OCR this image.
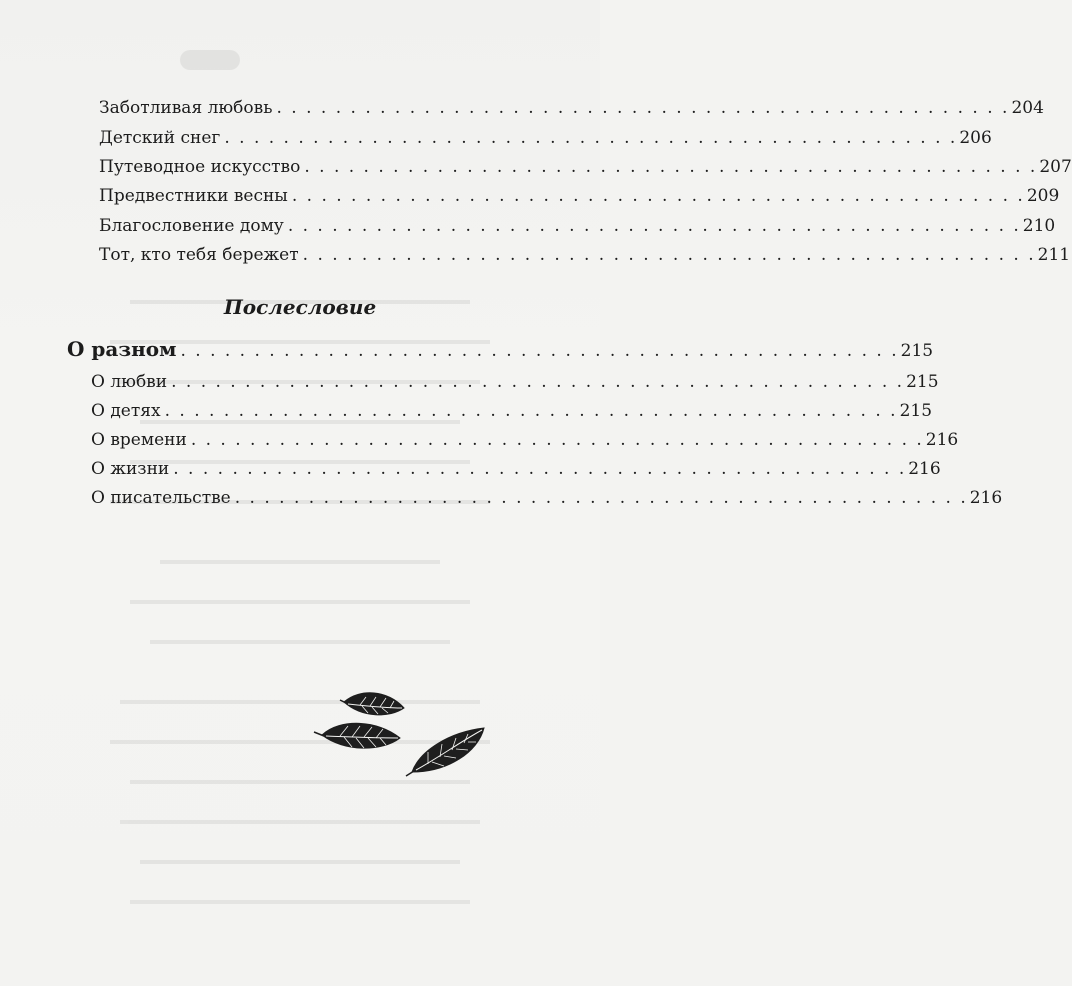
Заботливая любовь . . . . . . . . . . . . . . . . . . . . . . . . . . . . . . . . . . . . . . . . . . . . . . . . . . 204
Детский снег . . . . . . . . . . . . . . . . . . . . . . . . . . . . . . . . . . . . . . . . . . . . . . . . . . 206
Путеводное искусство . . . . . . . . . . . . . . . . . . . . . . . . . . . . . . . . . . . . . . . . . . . . . . . . . . 207
Предвестники весны . . . . . . . . . . . . . . . . . . . . . . . . . . . . . . . . . . . . . . . . . . . . . . . . . . 209
Благословение дому . . . . . . . . . . . . . . . . . . . . . . . . . . . . . . . . . . . . . . . . . . . . . . . . . . 210
Тот, кто тебя бережет . . . . . . . . . . . . . . . . . . . . . . . . . . . . . . . . . . . . . . . . . . . . . . . . . . 211
Послесловие
О разном . . . . . . . . . . . . . . . . . . . . . . . . . . . . . . . . . . . . . . . . . . . . . . . . . 215
О любви . . . . . . . . . . . . . . . . . . . . . . . . . . . . . . . . . . . . . . . . . . . . . . . . . . 215
О детях . . . . . . . . . . . . . . . . . . . . . . . . . . . . . . . . . . . . . . . . . . . . . . . . . . 215
О времени . . . . . . . . . . . . . . . . . . . . . . . . . . . . . . . . . . . . . . . . . . . . . . . . . . 216
О жизни . . . . . . . . . . . . . . . . . . . . . . . . . . . . . . . . . . . . . . . . . . . . . . . . . . 216
О писательстве . . . . . . . . . . . . . . . . . . . . . . . . . . . . . . . . . . . . . . . . . . . . . . . . . . 216
